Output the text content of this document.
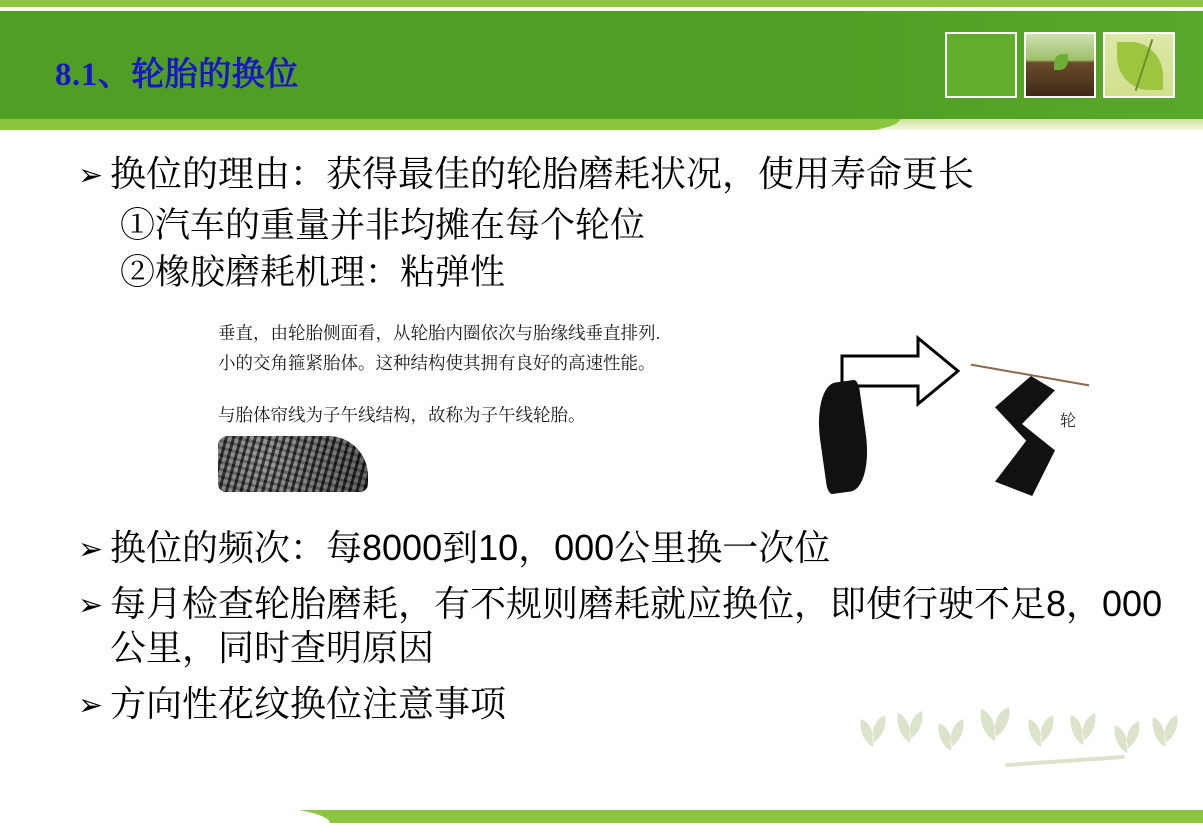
8.1、轮胎的换位
➢ 换位的理由：获得最佳的轮胎磨耗状况，使用寿命更长
①汽车的重量并非均摊在每个轮位
②橡胶磨耗机理：粘弹性
垂直，由轮胎侧面看，从轮胎内圈依次与胎缘线垂直排列.
小的交角箍紧胎体。这种结构使其拥有良好的高速性能。
与胎体帘线为子午线结构，故称为子午线轮胎。	轮
➢ 换位的频次：每8000到10，000公里换一次位
➢ 每月检查轮胎磨耗，有不规则磨耗就应换位，即使行驶不足8，000公里，同时查明原因
➢ 方向性花纹换位注意事项
